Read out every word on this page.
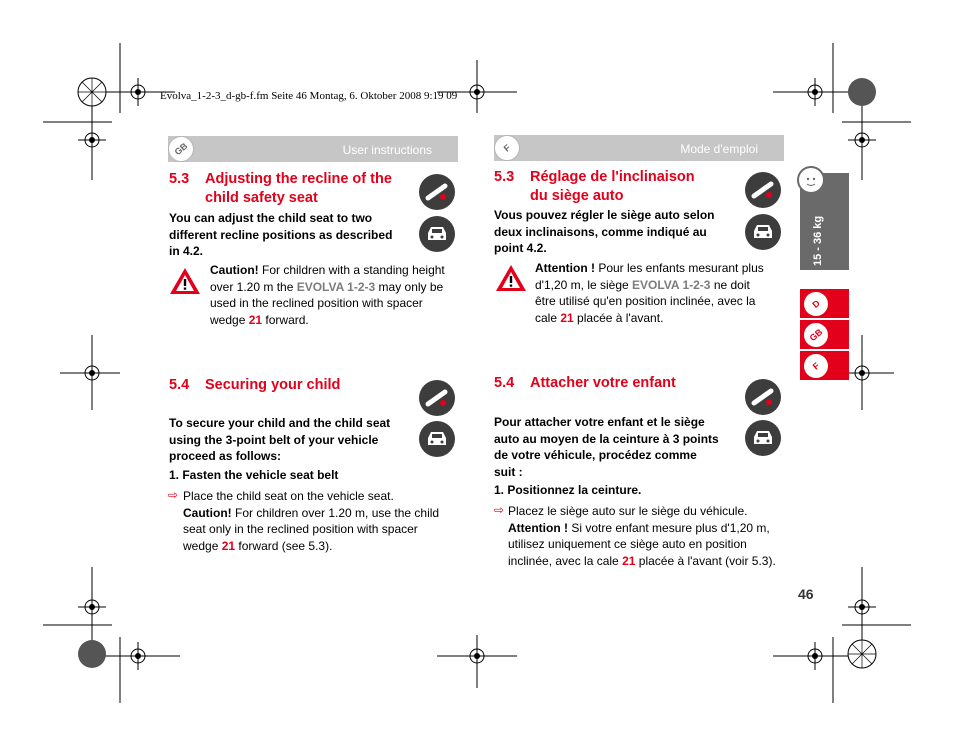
Evolva_1-2-3_d-gb-f.fm Seite 46 Montag, 6. Oktober 2008 9:19 09
GB	User instructions
5.3 Adjusting the recline of the
child safety seat
You can adjust the child seat to two
different recline positions as described
in 4.2.
Caution! For children with a standing height
over 1.20 m the EVOLVA 1-2-3 may only be
used in the reclined position with spacer
wedge 21 forward.
5.4 Securing your child
To secure your child and the child seat
using the 3-point belt of your vehicle
proceed as follows:
1. Fasten the vehicle seat belt
⇨ Place the child seat on the vehicle seat.
Caution! For children over 1.20 m, use the child
seat only in the reclined position with spacer
wedge 21 forward (see 5.3).
F	Mode d'emploi
5.3 Réglage de l'inclinaison
du siège auto
Vous pouvez régler le siège auto selon
deux inclinaisons, comme indiqué au
point 4.2.
Attention ! Pour les enfants mesurant plus
d'1,20 m, le siège EVOLVA 1-2-3 ne doit
être utilisé qu'en position inclinée, avec la
cale 21 placée à l'avant.
5.4 Attacher votre enfant
Pour attacher votre enfant et le siège
auto au moyen de la ceinture à 3 points
de votre véhicule, procédez comme
suit :
1. Positionnez la ceinture.
⇨ Placez le siège auto sur le siège du véhicule.
Attention ! Si votre enfant mesure plus d'1,20 m,
utilisez uniquement ce siège auto en position
inclinée, avec la cale 21 placée à l'avant (voir 5.3).
15 - 36 kg
D
GB
F
46
